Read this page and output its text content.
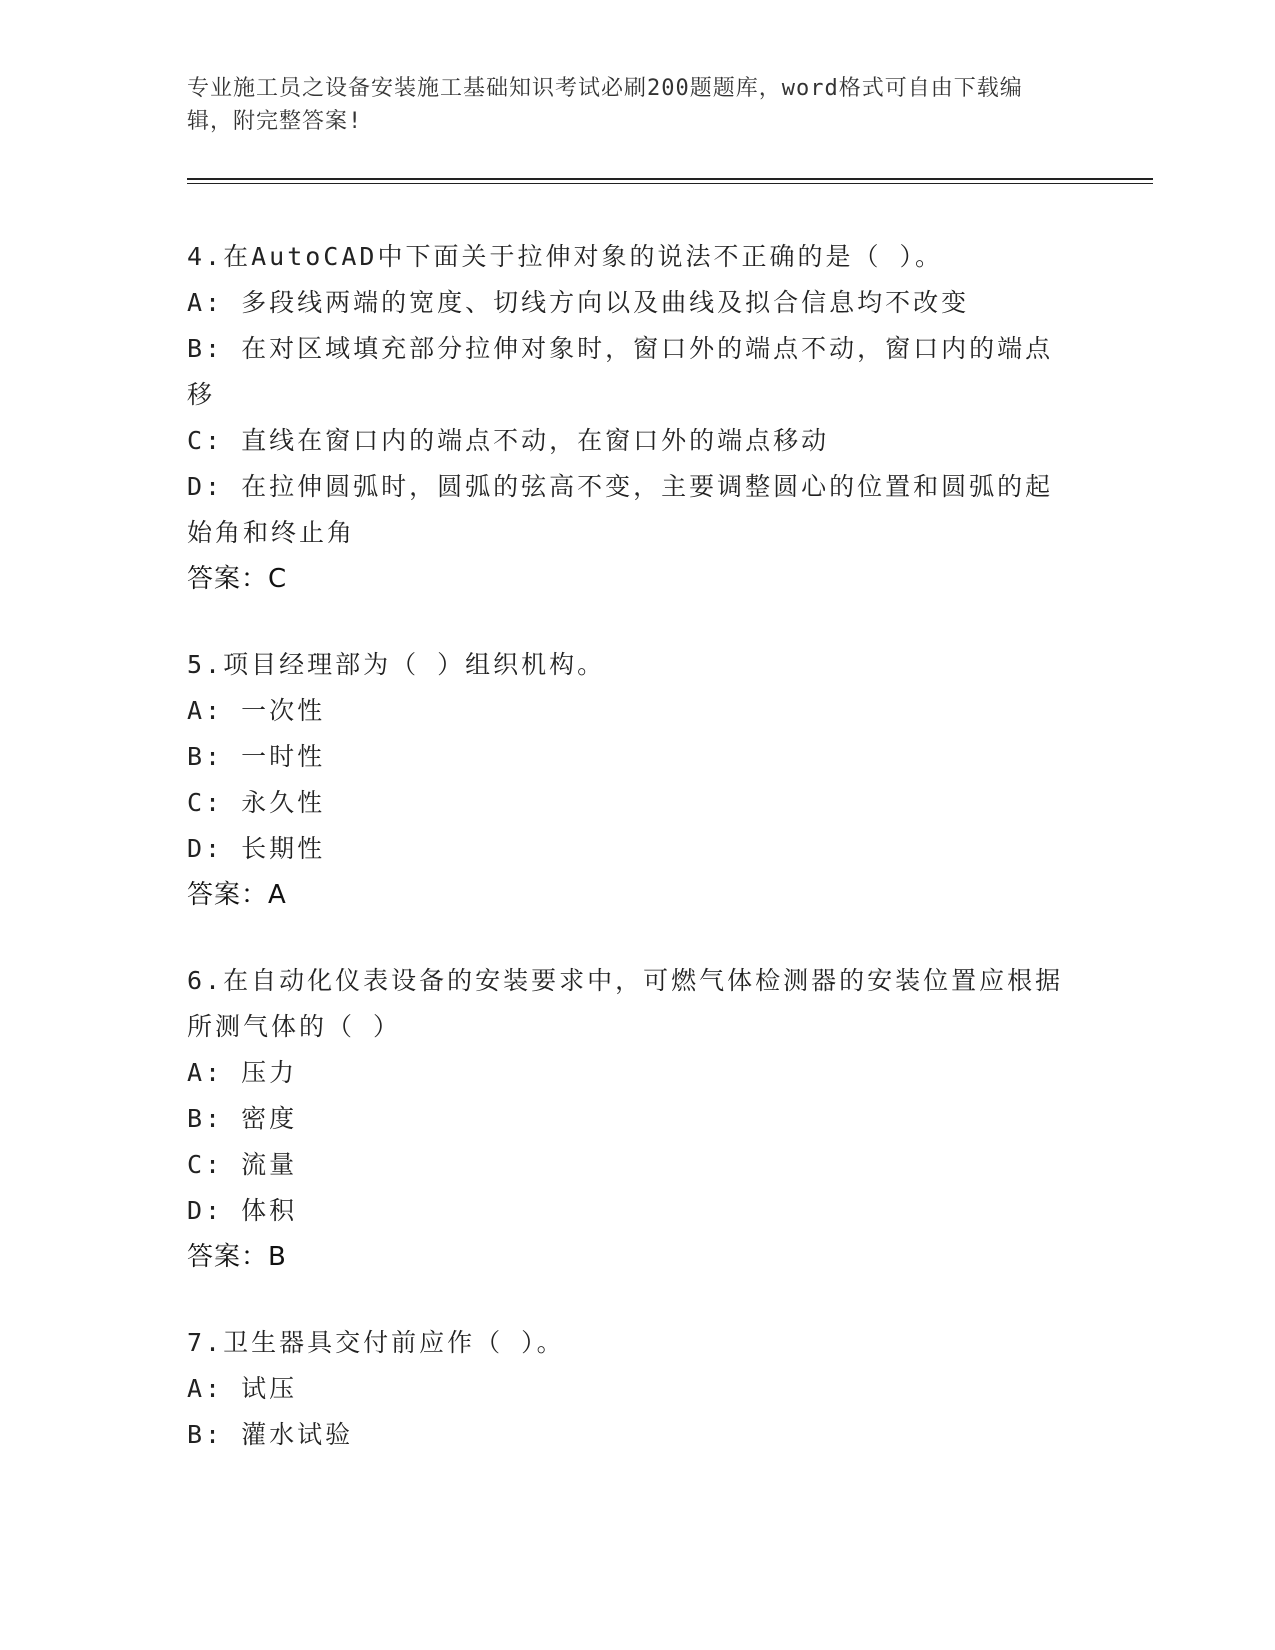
专业施工员之设备安装施工基础知识考试必刷200题题库，word格式可自由下载编辑，附完整答案!
4.在AutoCAD中下面关于拉伸对象的说法不正确的是（ ）。
A: 多段线两端的宽度、切线方向以及曲线及拟合信息均不改变
B: 在对区域填充部分拉伸对象时，窗口外的端点不动，窗口内的端点移
C: 直线在窗口内的端点不动，在窗口外的端点移动
D: 在拉伸圆弧时，圆弧的弦高不变，主要调整圆心的位置和圆弧的起始角和终止角
答案：C
5.项目经理部为（ ）组织机构。
A: 一次性
B: 一时性
C: 永久性
D: 长期性
答案：A
6.在自动化仪表设备的安装要求中，可燃气体检测器的安装位置应根据所测气体的（ ）
A: 压力
B: 密度
C: 流量
D: 体积
答案：B
7.卫生器具交付前应作（ ）。
A: 试压
B: 灌水试验
